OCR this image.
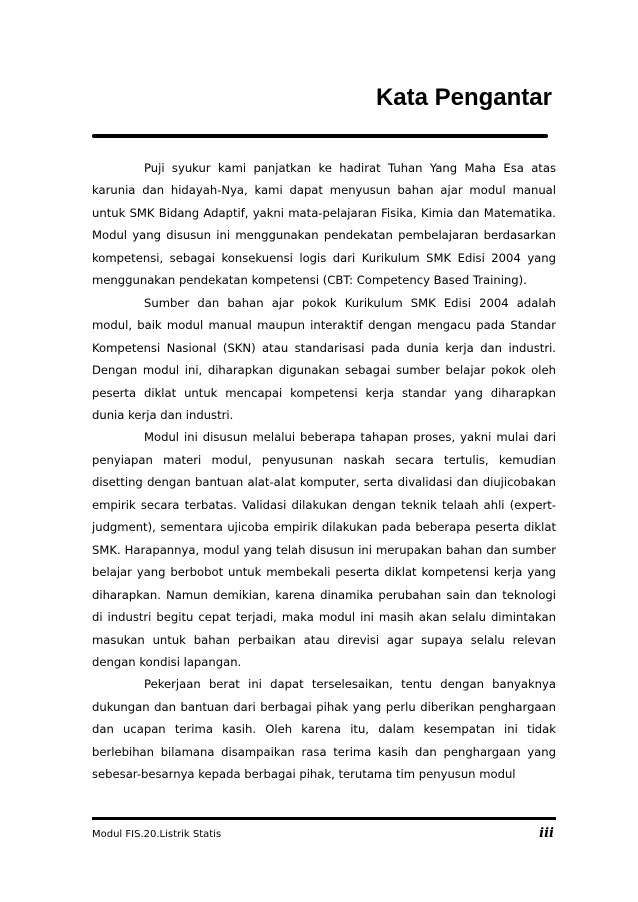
Kata Pengantar

Puji syukur kami panjatkan ke hadirat Tuhan Yang Maha Esa atas karunia dan hidayah-Nya, kami dapat menyusun bahan ajar modul manual untuk SMK Bidang Adaptif, yakni mata-pelajaran Fisika, Kimia dan Matematika. Modul yang disusun ini menggunakan pendekatan pembelajaran berdasarkan kompetensi, sebagai konsekuensi logis dari Kurikulum SMK Edisi 2004 yang menggunakan pendekatan kompetensi (CBT: Competency Based Training).

Sumber dan bahan ajar pokok Kurikulum SMK Edisi 2004 adalah modul, baik modul manual maupun interaktif dengan mengacu pada Standar Kompetensi Nasional (SKN) atau standarisasi pada dunia kerja dan industri. Dengan modul ini, diharapkan digunakan sebagai sumber belajar pokok oleh peserta diklat untuk mencapai kompetensi kerja standar yang diharapkan dunia kerja dan industri.

Modul ini disusun melalui beberapa tahapan proses, yakni mulai dari penyiapan materi modul, penyusunan naskah secara tertulis, kemudian disetting dengan bantuan alat-alat komputer, serta divalidasi dan diujicobakan empirik secara terbatas. Validasi dilakukan dengan teknik telaah ahli (expert-judgment), sementara ujicoba empirik dilakukan pada beberapa peserta diklat SMK. Harapannya, modul yang telah disusun ini merupakan bahan dan sumber belajar yang berbobot untuk membekali peserta diklat kompetensi kerja yang diharapkan. Namun demikian, karena dinamika perubahan sain dan teknologi di industri begitu cepat terjadi, maka modul ini masih akan selalu dimintakan masukan untuk bahan perbaikan atau direvisi agar supaya selalu relevan dengan kondisi lapangan.

Pekerjaan berat ini dapat terselesaikan, tentu dengan banyaknya dukungan dan bantuan dari berbagai pihak yang perlu diberikan penghargaan dan ucapan terima kasih. Oleh karena itu, dalam kesempatan ini tidak berlebihan bilamana disampaikan rasa terima kasih dan penghargaan yang sebesar-besarnya kepada berbagai pihak, terutama tim penyusun modul

Modul FIS.20.Listrik Statis	iii
